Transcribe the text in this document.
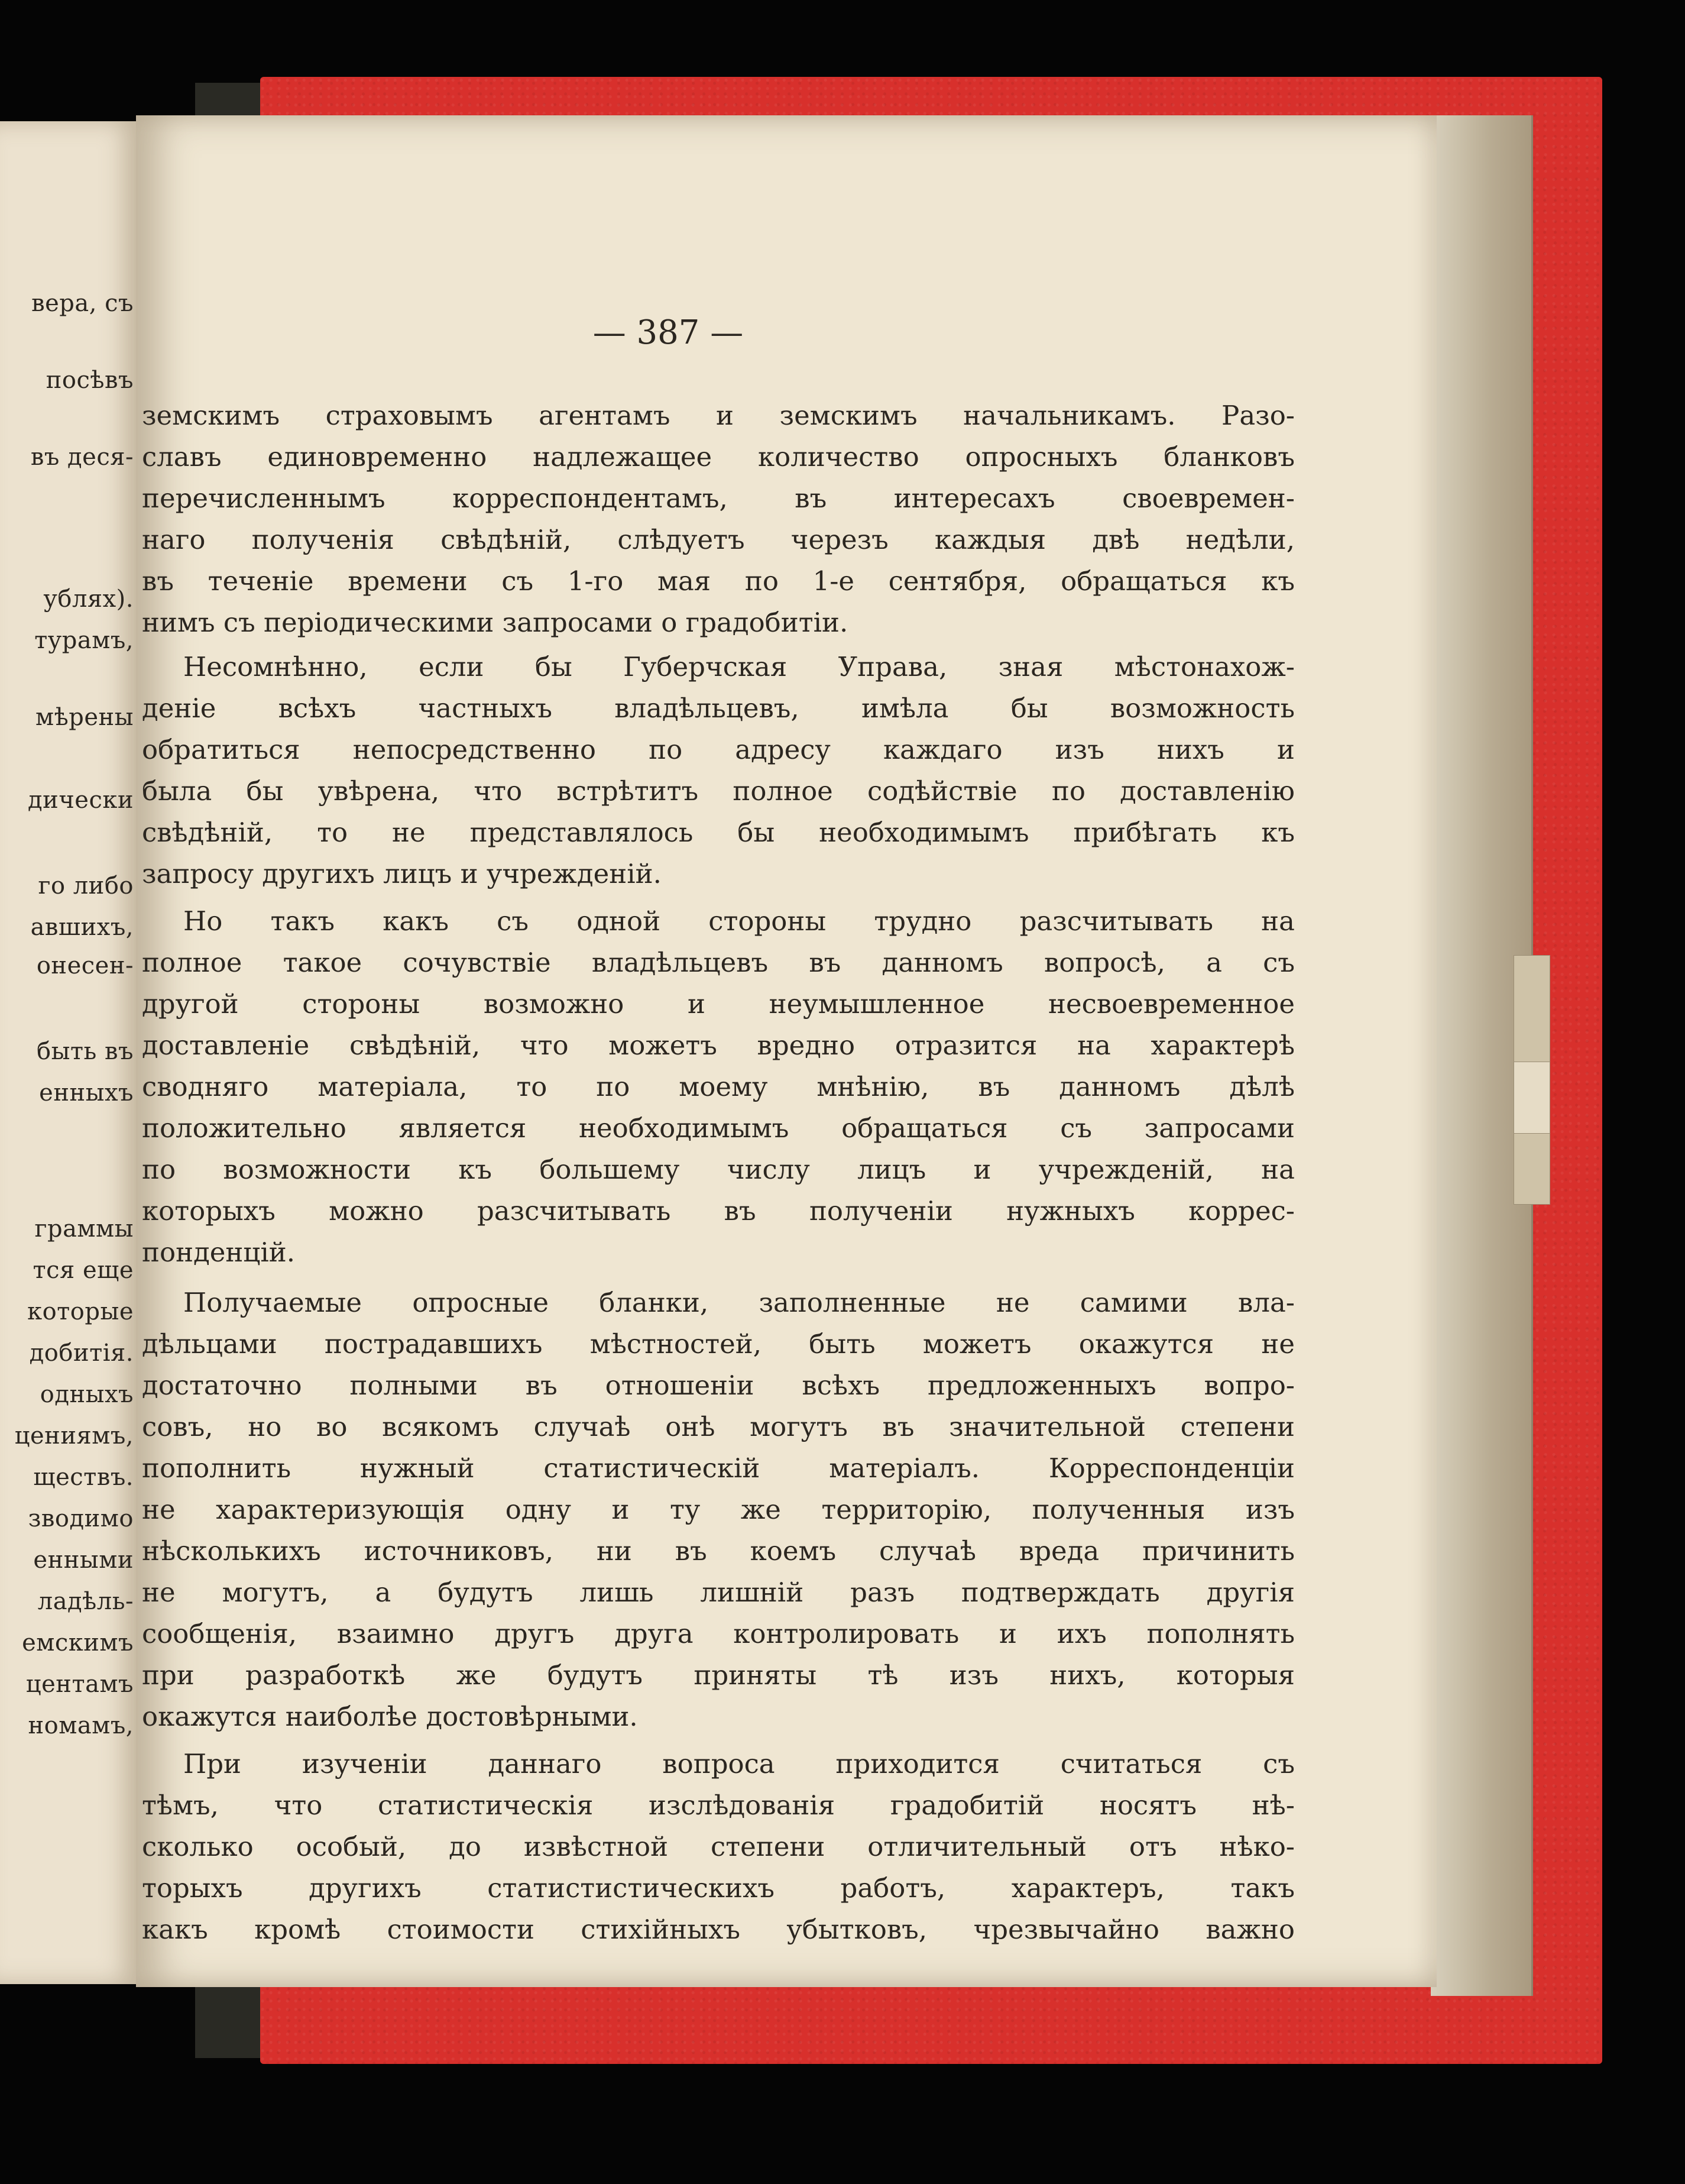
вера, съ
посѣвъ
въ деся-
ублях).
турамъ,
мѣрены
дически
го либо
авшихъ,
онесен-
быть въ
енныхъ
граммы
тся еще
которые
добитія.
одныхъ
цениямъ,
ществъ.
зводимо
енными
ладѣль-
емскимъ
центамъ
номамъ,
— 387 —
земскимъ страховымъ агентамъ и земскимъ начальникамъ. Разо-
славъ единовременно надлежащее количество опросныхъ бланковъ
перечисленнымъ корреспондентамъ, въ интересахъ своевремен-
наго полученія свѣдѣній, слѣдуетъ черезъ каждыя двѣ недѣли,
въ теченіе времени съ 1-го мая по 1-е сентября, обращаться къ
нимъ съ періодическими запросами о градобитіи.
Несомнѣнно, если бы Губерчская Управа, зная мѣстонахож-
деніе всѣхъ частныхъ владѣльцевъ, имѣла бы возможность
обратиться непосредственно по адресу каждаго изъ нихъ и
была бы увѣрена, что встрѣтитъ полное содѣйствіе по доставленію
свѣдѣній, то не представлялось бы необходимымъ прибѣгать къ
запросу другихъ лицъ и учрежденій.
Но такъ какъ съ одной стороны трудно разсчитывать на
полное такое сочувствіе владѣльцевъ въ данномъ вопросѣ, а съ
другой стороны возможно и неумышленное несвоевременное
доставленіе свѣдѣній, что можетъ вредно отразится на характерѣ
сводняго матеріала, то по моему мнѣнію, въ данномъ дѣлѣ
положительно является необходимымъ обращаться съ запросами
по возможности къ большему числу лицъ и учрежденій, на
которыхъ можно разсчитывать въ полученіи нужныхъ коррес-
понденцій.
Получаемые опросные бланки, заполненные не самими вла-
дѣльцами пострадавшихъ мѣстностей, быть можетъ окажутся не
достаточно полными въ отношеніи всѣхъ предложенныхъ вопро-
совъ, но во всякомъ случаѣ онѣ могутъ въ значительной степени
пополнить нужный статистическій матеріалъ. Корреспонденціи
не характеризующія одну и ту же территорію, полученныя изъ
нѣсколькихъ источниковъ, ни въ коемъ случаѣ вреда причинить
не могутъ, а будутъ лишь лишній разъ подтверждать другія
сообщенія, взаимно другъ друга контролировать и ихъ пополнять
при разработкѣ же будутъ приняты тѣ изъ нихъ, которыя
окажутся наиболѣе достовѣрными.
При изученіи даннаго вопроса приходится считаться съ
тѣмъ, что статистическія изслѣдованія градобитій носятъ нѣ-
сколько особый, до извѣстной степени отличительный отъ нѣко-
торыхъ другихъ статистистическихъ работъ, характеръ, такъ
какъ кромѣ стоимости стихійныхъ убытковъ, чрезвычайно важно
